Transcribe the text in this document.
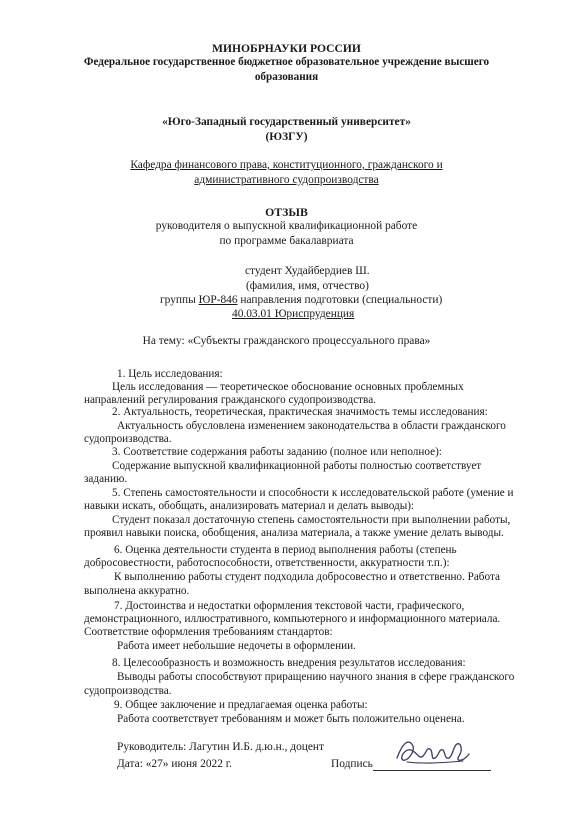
МИНОБРНАУКИ РОССИИ
Федеральное государственное бюджетное образовательное учреждение высшего
образования
«Юго-Западный государственный университет»
(ЮЗГУ)
Кафедра финансового права, конституционного, гражданского и
административного судопроизводства
ОТЗЫВ
руководителя о выпускной квалификационной работе
по программе бакалавриата
студент Худайбердиев Ш.
(фамилия, имя, отчество)
группы ЮР-846 направления подготовки (специальности)
40.03.01 Юриспруденция
На тему: «Субъекты гражданского процессуального права»
1. Цель исследования:
Цель исследования — теоретическое обоснование основных проблемных
направлений регулирования гражданского судопроизводства.
2. Актуальность, теоретическая, практическая значимость темы исследования:
Актуальность обусловлена изменением законодательства в области гражданского
судопроизводства.
3. Соответствие содержания работы заданию (полное или неполное):
Содержание выпускной квалификационной работы полностью соответствует
заданию.
5. Степень самостоятельности и способности к исследовательской работе (умение и
навыки искать, обобщать, анализировать материал и делать выводы):
Студент показал достаточную степень самостоятельности при выполнении работы,
проявил навыки поиска, обобщения, анализа материала, а также умение делать выводы.
6. Оценка деятельности студента в период выполнения работы (степень
добросовестности, работоспособности, ответственности, аккуратности т.п.):
К выполнению работы студент подходила добросовестно и ответственно. Работа
выполнена аккуратно.
7. Достоинства и недостатки оформления текстовой части, графического,
демонстрационного, иллюстративного, компьютерного и информационного материала.
Соответствие оформления требованиям стандартов:
Работа имеет небольшие недочеты в оформлении.
8. Целесообразность и возможность внедрения результатов исследования:
Выводы работы способствуют приращению научного знания в сфере гражданского
судопроизводства.
9. Общее заключение и предлагаемая оценка работы:
Работа соответствует требованиям и может быть положительно оценена.
Руководитель: Лагутин И.Б. д.ю.н., доцент
Дата: «27» июня 2022 г.	Подпись
